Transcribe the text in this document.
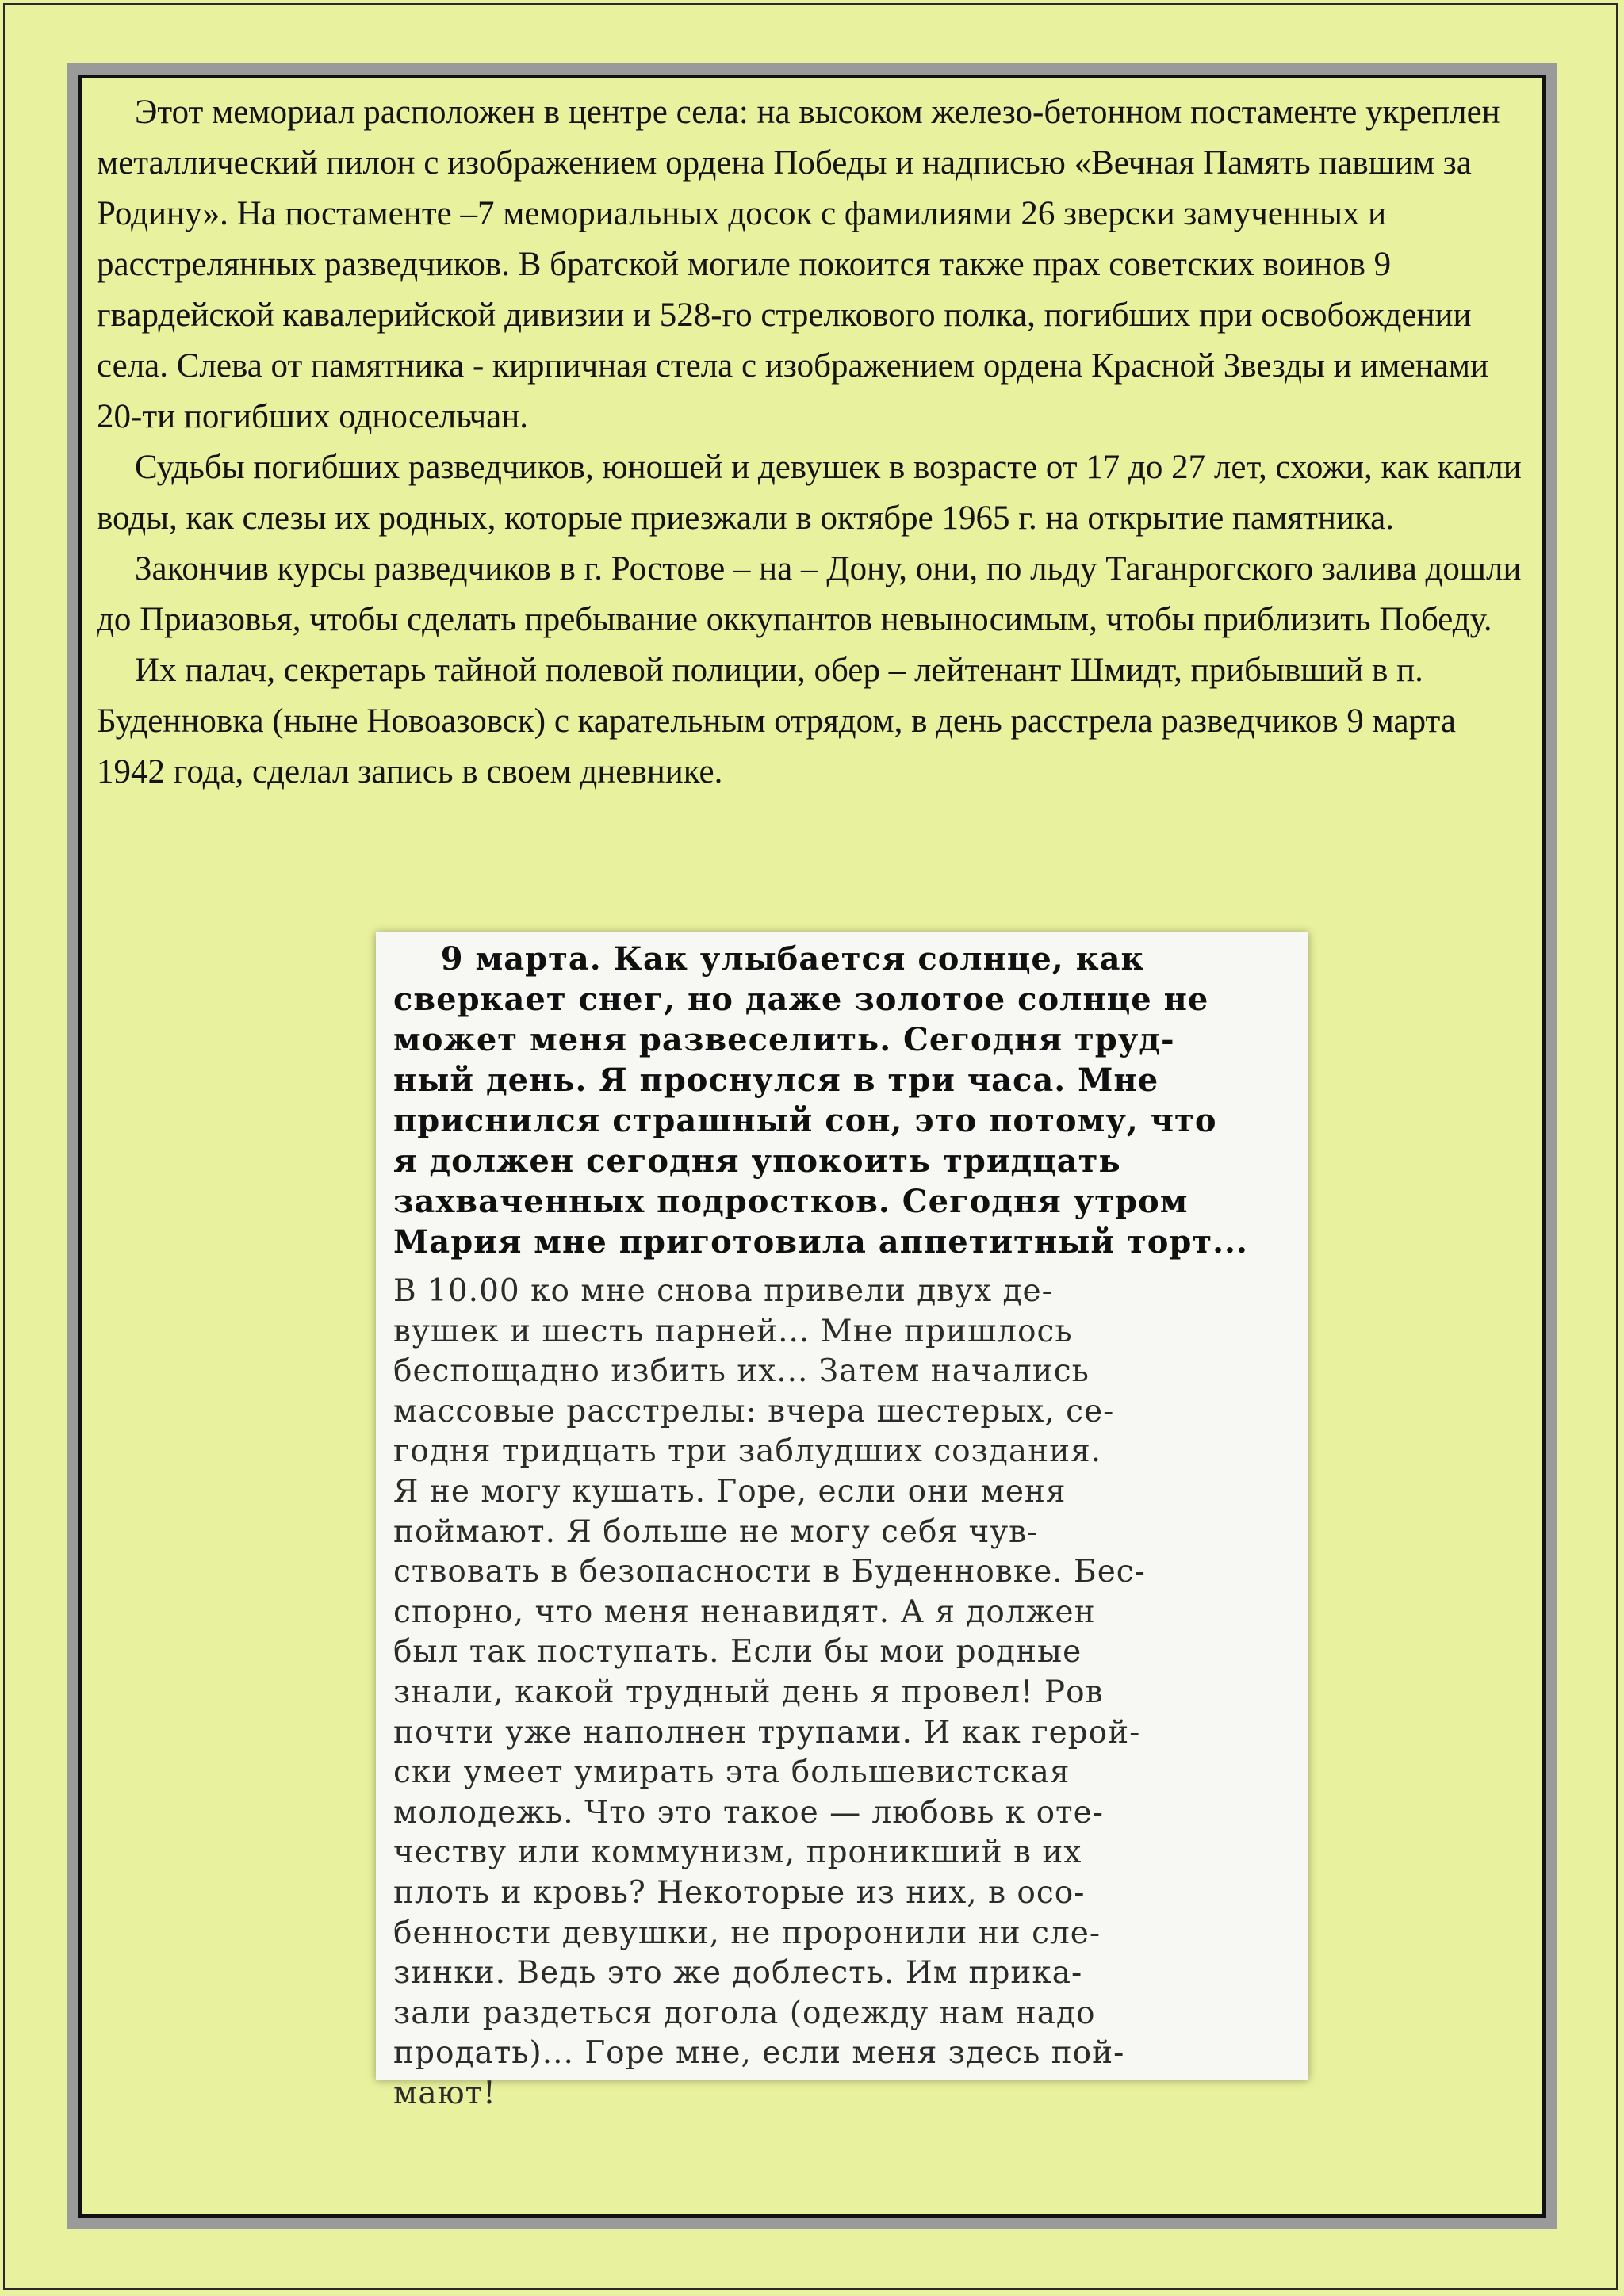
Этот мемориал расположен в центре села: на высоком железо-бетонном постаменте укреплен металлический пилон с изображением ордена Победы и надписью «Вечная Память павшим за Родину». На постаменте –7 мемориальных досок с фамилиями 26 зверски замученных и расстрелянных разведчиков. В братской могиле покоится также прах советских воинов 9 гвардейской кавалерийской дивизии и 528-го стрелкового полка, погибших при освобождении села. Слева от памятника - кирпичная стела с изображением ордена Красной Звезды и именами 20-ти погибших односельчан.

Судьбы погибших разведчиков, юношей и девушек в возрасте от 17 до 27 лет, схожи, как капли воды, как слезы их родных, которые приезжали в октябре 1965 г. на открытие памятника.

Закончив курсы разведчиков в г. Ростове – на – Дону, они, по льду Таганрогского залива дошли до Приазовья, чтобы сделать пребывание оккупантов невыносимым, чтобы приблизить Победу.

Их палач, секретарь тайной полевой полиции, обер – лейтенант Шмидт, прибывший в п. Буденновка (ныне Новоазовск) с карательным отрядом, в день расстрела разведчиков 9 марта 1942 года, сделал запись в своем дневнике.

9 марта. Как улыбается солнце, как
сверкает снег, но даже золотое солнце не
может меня развеселить. Сегодня труд-
ный день. Я проснулся в три часа. Мне
приснился страшный сон, это потому, что
я должен сегодня упокоить тридцать
захваченных подростков. Сегодня утром
Мария мне приготовила аппетитный торт...
В 10.00 ко мне снова привели двух де-
вушек и шесть парней... Мне пришлось
беспощадно избить их... Затем начались
массовые расстрелы: вчера шестерых, се-
годня тридцать три заблудших создания.
Я не могу кушать. Горе, если они меня
поймают. Я больше не могу себя чув-
ствовать в безопасности в Буденновке. Бес-
спорно, что меня ненавидят. А я должен
был так поступать. Если бы мои родные
знали, какой трудный день я провел! Ров
почти уже наполнен трупами. И как герой-
ски умеет умирать эта большевистская
молодежь. Что это такое — любовь к оте-
честву или коммунизм, проникший в их
плоть и кровь? Некоторые из них, в осо-
бенности девушки, не проронили ни сле-
зинки. Ведь это же доблесть. Им прика-
зали раздеться догола (одежду нам надо
продать)... Горе мне, если меня здесь пой-
мают!
